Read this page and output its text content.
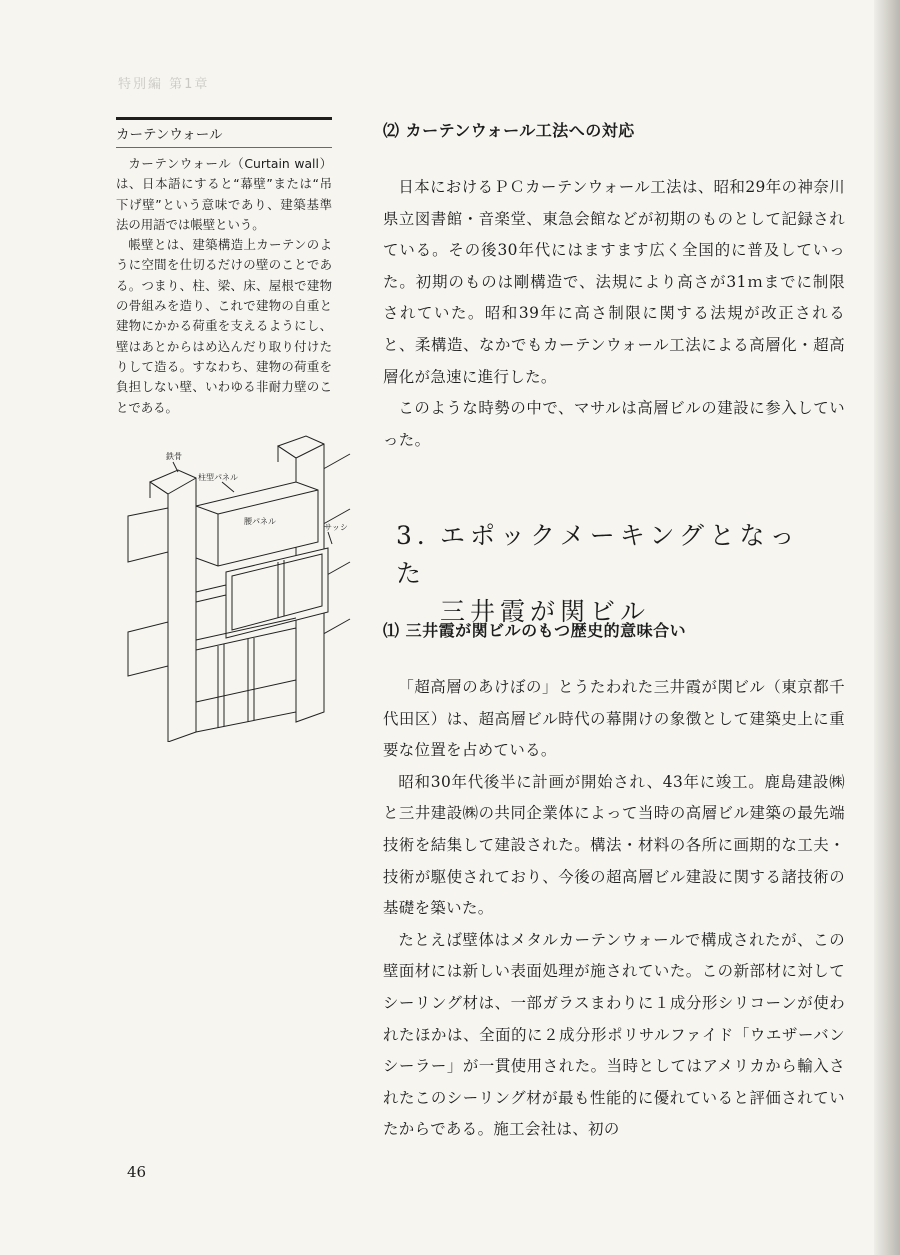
特別編 第1章
カーテンウォール

カーテンウォール（Curtain wall）は、日本語にすると“幕壁”または“吊下げ壁”という意味であり、建築基準法の用語では帳壁という。

帳壁とは、建築構造上カーテンのように空間を仕切るだけの壁のことである。つまり、柱、梁、床、屋根で建物の骨組みを造り、これで建物の自重と建物にかかる荷重を支えるようにし、壁はあとからはめ込んだり取り付けたりして造る。すなわち、建物の荷重を負担しない壁、いわゆる非耐力壁のことである。

鉄骨
柱型パネル
腰パネル
サッシ
⑵ カーテンウォール工法への対応

日本におけるＰＣカーテンウォール工法は、昭和29年の神奈川県立図書館・音楽堂、東急会館などが初期のものとして記録されている。その後30年代にはますます広く全国的に普及していった。初期のものは剛構造で、法規により高さが31ｍまでに制限されていた。昭和39年に高さ制限に関する法規が改正されると、柔構造、なかでもカーテンウォール工法による高層化・超高層化が急速に進行した。

このような時勢の中で、マサルは高層ビルの建設に参入していった。

3．エポックメーキングとなった
三井霞が関ビル
⑴ 三井霞が関ビルのもつ歴史的意味合い

「超高層のあけぼの」とうたわれた三井霞が関ビル（東京都千代田区）は、超高層ビル時代の幕開けの象徴として建築史上に重要な位置を占めている。

昭和30年代後半に計画が開始され、43年に竣工。鹿島建設㈱と三井建設㈱の共同企業体によって当時の高層ビル建築の最先端技術を結集して建設された。構法・材料の各所に画期的な工夫・技術が駆使されており、今後の超高層ビル建設に関する諸技術の基礎を築いた。

たとえば壁体はメタルカーテンウォールで構成されたが、この壁面材には新しい表面処理が施されていた。この新部材に対してシーリング材は、一部ガラスまわりに１成分形シリコーンが使われたほかは、全面的に２成分形ポリサルファイド「ウエザーバンシーラー」が一貫使用された。当時としてはアメリカから輸入されたこのシーリング材が最も性能的に優れていると評価されていたからである。施工会社は、初の

46
